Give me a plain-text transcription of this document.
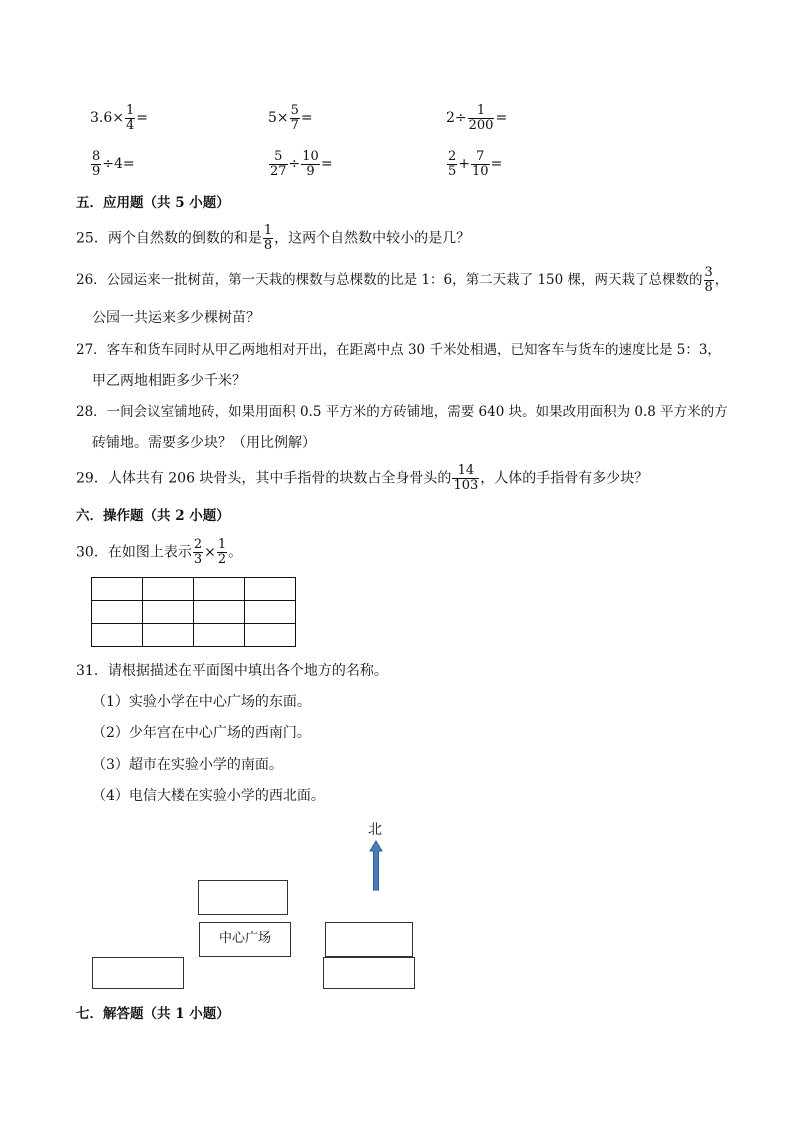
$3.6\times \frac{1}{4}$ =	$5\times \frac{5}{7}$ =	$2\div \frac{1}{200}$ =
$\frac{8}{9} \div 4=$	$\frac{5}{27} \div \frac{10}{9}$ =	$\frac{2}{5} + \frac{7}{10}$ =
五．应用题（共 5 小题）
25．两个自然数的倒数的和是 $\frac{1}{8}$ ，这两个自然数中较小的是几？
26．公园运来一批树苗，第一天栽的棵数与总棵数的比是 1：6，第二天栽了 150 棵，两天栽了总棵数的 $\frac{3}{8}$ ，
公园一共运来多少棵树苗？
27．客车和货车同时从甲乙两地相对开出，在距离中点 30 千米处相遇，已知客车与货车的速度比是 5：3，
甲乙两地相距多少千米？
28．一间会议室铺地砖，如果用面积 0.5 平方米的方砖铺地，需要 640 块。如果改用面积为 0.8 平方米的方
砖铺地。需要多少块？（用比例解）
29．人体共有 206 块骨头，其中手指骨的块数占全身骨头的 $\frac{14}{103}$ ，人体的手指骨有多少块？
六．操作题（共 2 小题）
30．在如图上表示 $\frac{2}{3} \times \frac{1}{2}$ 。

31．请根据描述在平面图中填出各个地方的名称。
（1）实验小学在中心广场的东面。
（2）少年宫在中心广场的西南门。
（3）超市在实验小学的南面。
（4）电信大楼在实验小学的西北面。
北
中心广场
七．解答题（共 1 小题）
